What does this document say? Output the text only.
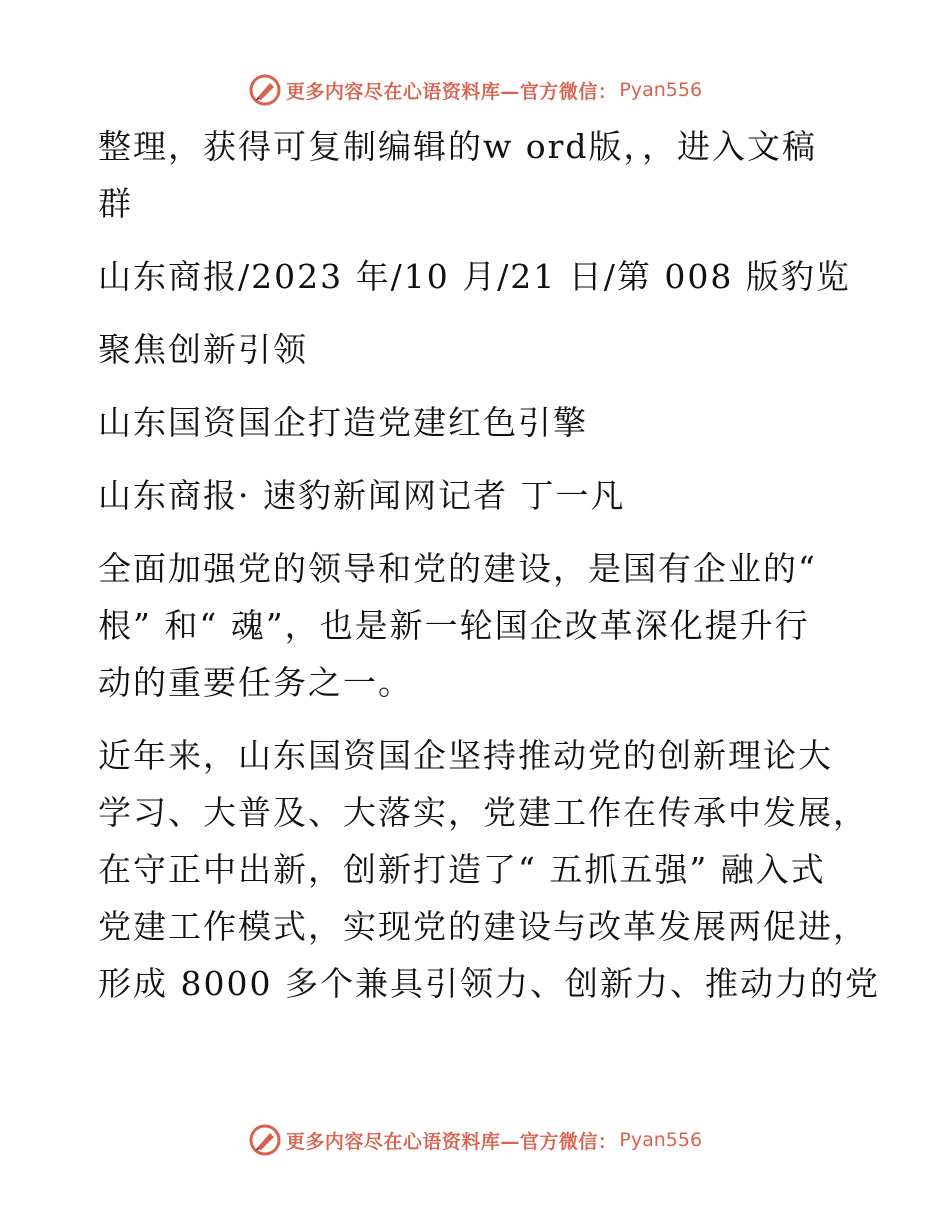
更多内容尽在心语资料库—官方微信： Pyan556

整理，获得可复制编辑的w ord版，，进入文稿
群

山东商报/2023 年/10 月/21 日/第 008 版豹览

聚焦创新引领

山东国资国企打造党建红色引擎

山东商报· 速豹新闻网记者 丁一凡

全面加强党的领导和党的建设，是国有企业的“
根” 和“ 魂”，也是新一轮国企改革深化提升行
动的重要任务之一。

近年来，山东国资国企坚持推动党的创新理论大
学习、大普及、大落实，党建工作在传承中发展，
在守正中出新，创新打造了“ 五抓五强” 融入式
党建工作模式，实现党的建设与改革发展两促进，
形成 8000 多个兼具引领力、创新力、推动力的党

更多内容尽在心语资料库—官方微信： Pyan556
